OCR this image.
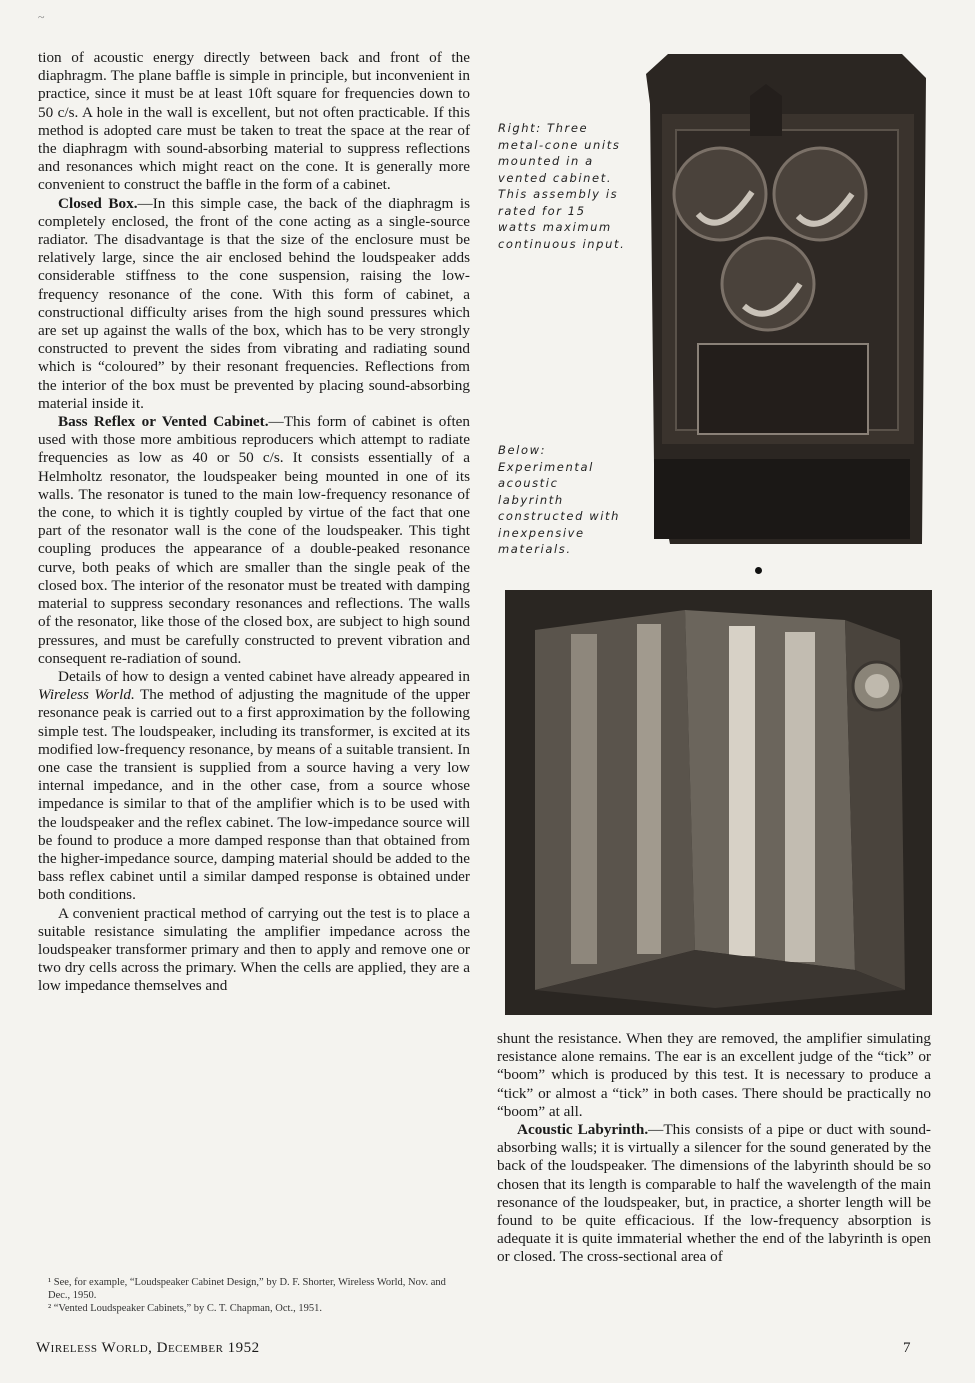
~

tion of acoustic energy directly between back and front of the diaphragm. The plane baffle is simple in principle, but inconvenient in practice, since it must be at least 10ft square for frequencies down to 50 c/s. A hole in the wall is excellent, but not often practicable. If this method is adopted care must be taken to treat the space at the rear of the diaphragm with sound-absorbing material to suppress reflections and resonances which might react on the cone. It is generally more convenient to construct the baffle in the form of a cabinet.

Closed Box.—In this simple case, the back of the diaphragm is completely enclosed, the front of the cone acting as a single-source radiator. The disadvantage is that the size of the enclosure must be relatively large, since the air enclosed behind the loudspeaker adds considerable stiffness to the cone suspension, raising the low-frequency resonance of the cone. With this form of cabinet, a constructional difficulty arises from the high sound pressures which are set up against the walls of the box, which has to be very strongly constructed to prevent the sides from vibrating and radiating sound which is “coloured” by their resonant frequencies. Reflections from the interior of the box must be prevented by placing sound-absorbing material inside it.

Bass Reflex or Vented Cabinet.—This form of cabinet is often used with those more ambitious reproducers which attempt to radiate frequencies as low as 40 or 50 c/s. It consists essentially of a Helmholtz resonator, the loudspeaker being mounted in one of its walls. The resonator is tuned to the main low-frequency resonance of the cone, to which it is tightly coupled by virtue of the fact that one part of the resonator wall is the cone of the loudspeaker. This tight coupling produces the appearance of a double-peaked resonance curve, both peaks of which are smaller than the single peak of the closed box. The interior of the resonator must be treated with damping material to suppress secondary resonances and reflections. The walls of the resonator, like those of the closed box, are subject to high sound pressures, and must be carefully constructed to prevent vibration and consequent re-radiation of sound.

Details of how to design a vented cabinet have already appeared in Wireless World. The method of adjusting the magnitude of the upper resonance peak is carried out to a first approximation by the following simple test. The loudspeaker, including its transformer, is excited at its modified low-frequency resonance, by means of a suitable transient. In one case the transient is supplied from a source having a very low internal impedance, and in the other case, from a source whose impedance is similar to that of the amplifier which is to be used with the loudspeaker and the reflex cabinet. The low-impedance source will be found to produce a more damped response than that obtained from the higher-impedance source, damping material should be added to the bass reflex cabinet until a similar damped response is obtained under both conditions.

A convenient practical method of carrying out the test is to place a suitable resistance simulating the amplifier impedance across the loudspeaker transformer primary and then to apply and remove one or two dry cells across the primary. When the cells are applied, they are a low impedance themselves and

¹ See, for example, “Loudspeaker Cabinet Design,” by D. F. Shorter, Wireless World, Nov. and Dec., 1950.
² “Vented Loudspeaker Cabinets,” by C. T. Chapman, Oct., 1951.
Right: Three metal-cone units mounted in a vented cabinet. This assembly is rated for 15 watts maximum continuous input.
Below: Experimental acoustic labyrinth constructed with inexpensive materials.

shunt the resistance. When they are removed, the amplifier simulating resistance alone remains. The ear is an excellent judge of the “tick” or “boom” which is produced by this test. It is necessary to produce a “tick” or almost a “tick” in both cases. There should be practically no “boom” at all.

Acoustic Labyrinth.—This consists of a pipe or duct with sound-absorbing walls; it is virtually a silencer for the sound generated by the back of the loudspeaker. The dimensions of the labyrinth should be so chosen that its length is comparable to half the wavelength of the main resonance of the loudspeaker, but, in practice, a shorter length will be found to be quite efficacious. If the low-frequency absorption is adequate it is quite immaterial whether the end of the labyrinth is open or closed. The cross-sectional area of

Wireless World, December 1952	7
